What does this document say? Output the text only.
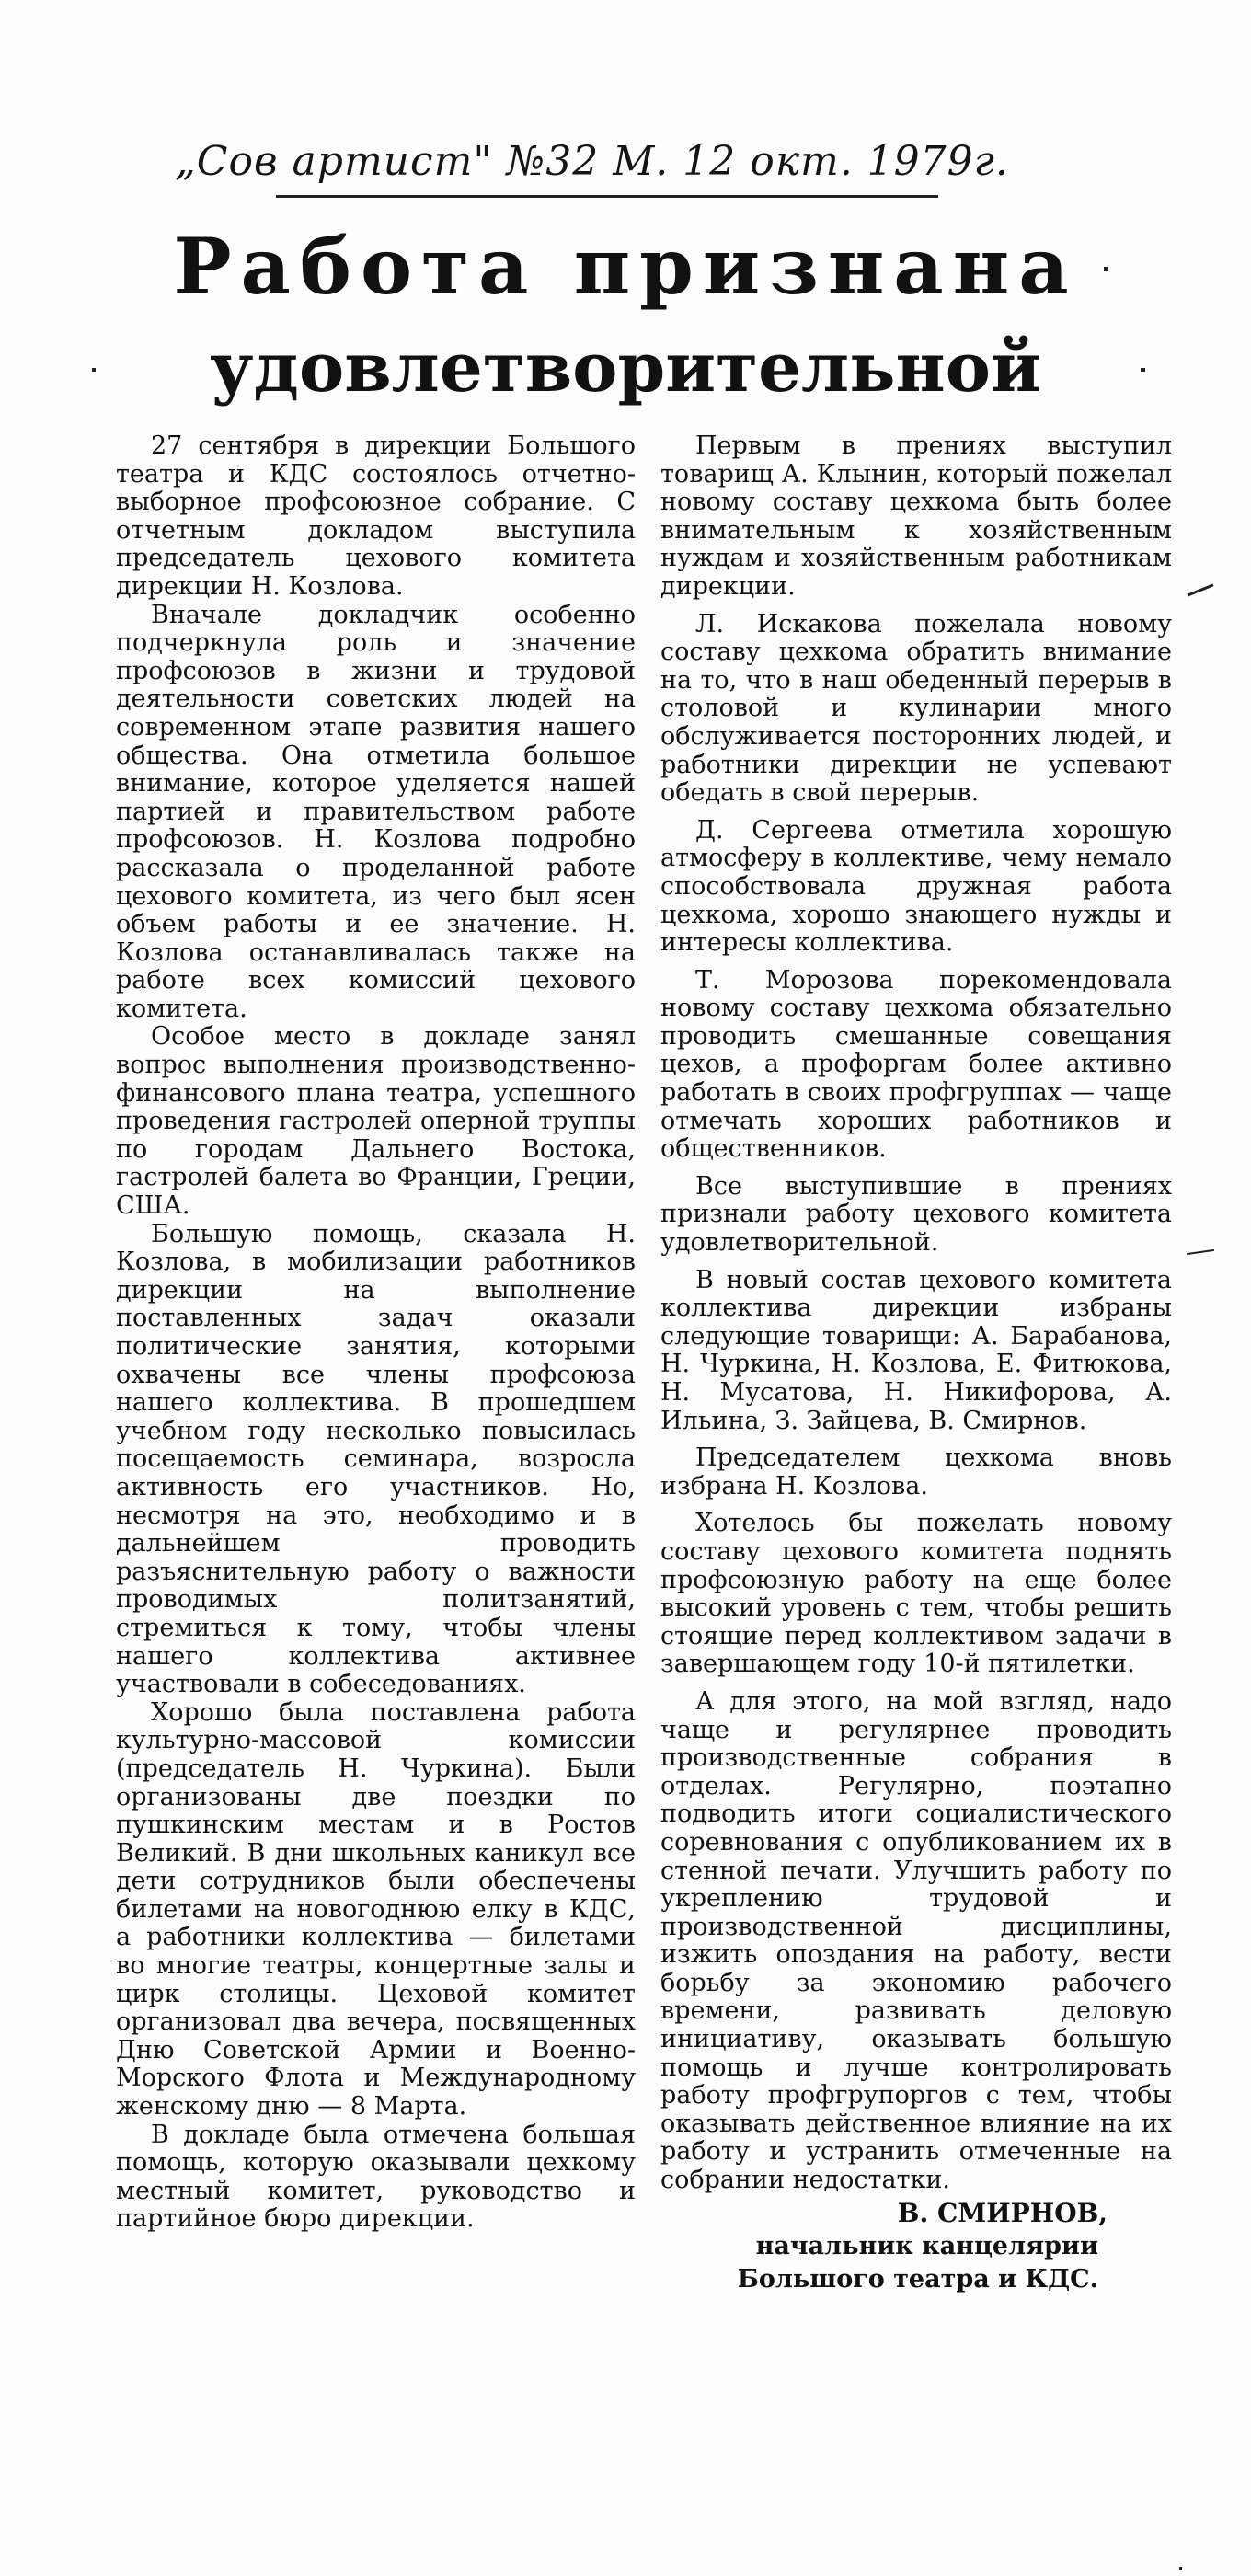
„Сов артист" №32 М. 12 окт. 1979г.
Работа признана
удовлетворительной

27 сентября в дирекции Большого театра и КДС состоялось отчетно-выборное профсоюзное собрание. С отчетным докладом выступила председатель цехового комитета дирекции Н. Козлова.

Вначале докладчик особенно подчеркнула роль и значение профсоюзов в жизни и трудовой деятельности советских людей на современном этапе развития нашего общества. Она отметила большое внимание, которое уделяется нашей партией и правительством работе профсоюзов. Н. Козлова подробно рассказала о проделанной работе цехового комитета, из чего был ясен объем работы и ее значение. Н. Козлова останавливалась также на работе всех комиссий цехового комитета.

Особое место в докладе занял вопрос выполнения производственно-финансового плана театра, успешного проведения гастролей оперной труппы по городам Дальнего Востока, гастролей балета во Франции, Греции, США.

Большую помощь, сказала Н. Козлова, в мобилизации работников дирекции на выполнение поставленных задач оказали политические занятия, которыми охвачены все члены профсоюза нашего коллектива. В прошедшем учебном году несколько повысилась посещаемость семинара, возросла активность его участников. Но, несмотря на это, необходимо и в дальнейшем проводить разъяснительную работу о важности проводимых политзанятий, стремиться к тому, чтобы члены нашего коллектива активнее участвовали в собеседованиях.

Хорошо была поставлена работа культурно-массовой комиссии (председатель Н. Чуркина). Были организованы две поездки по пушкинским местам и в Ростов Великий. В дни школьных каникул все дети сотрудников были обеспечены билетами на новогоднюю елку в КДС, а работники коллектива — билетами во многие театры, концертные залы и цирк столицы. Цеховой комитет организовал два вечера, посвященных Дню Советской Армии и Военно-Морского Флота и Международному женскому дню — 8 Марта.

В докладе была отмечена большая помощь, которую оказывали цехкому местный комитет, руководство и партийное бюро дирекции.

Первым в прениях выступил товарищ А. Клынин, который пожелал новому составу цехкома быть более внимательным к хозяйственным нуждам и хозяйственным работникам дирекции.

Л. Искакова пожелала новому составу цехкома обратить внимание на то, что в наш обеденный перерыв в столовой и кулинарии много обслуживается посторонних людей, и работники дирекции не успевают обедать в свой перерыв.

Д. Сергеева отметила хорошую атмосферу в коллективе, чему немало способствовала дружная работа цехкома, хорошо знающего нужды и интересы коллектива.

Т. Морозова порекомендовала новому составу цехкома обязательно проводить смешанные совещания цехов, а профоргам более активно работать в своих профгруппах — чаще отмечать хороших работников и общественников.

Все выступившие в прениях признали работу цехового комитета удовлетворительной.

В новый состав цехового комитета коллектива дирекции избраны следующие товарищи: А. Барабанова, Н. Чуркина, Н. Козлова, Е. Фитюкова, Н. Мусатова, Н. Никифорова, А. Ильина, З. Зайцева, В. Смирнов.

Председателем цехкома вновь избрана Н. Козлова.

Хотелось бы пожелать новому составу цехового комитета поднять профсоюзную работу на еще более высокий уровень с тем, чтобы решить стоящие перед коллективом задачи в завершающем году 10-й пятилетки.

А для этого, на мой взгляд, надо чаще и регулярнее проводить производственные собрания в отделах. Регулярно, поэтапно подводить итоги социалистического соревнования с опубликованием их в стенной печати. Улучшить работу по укреплению трудовой и производственной дисциплины, изжить опоздания на работу, вести борьбу за экономию рабочего времени, развивать деловую инициативу, оказывать большую помощь и лучше контролировать работу профгрупоргов с тем, чтобы оказывать действенное влияние на их работу и устранить отмеченные на собрании недостатки.

В. СМИРНОВ,
начальник канцелярии
Большого театра и КДС.
